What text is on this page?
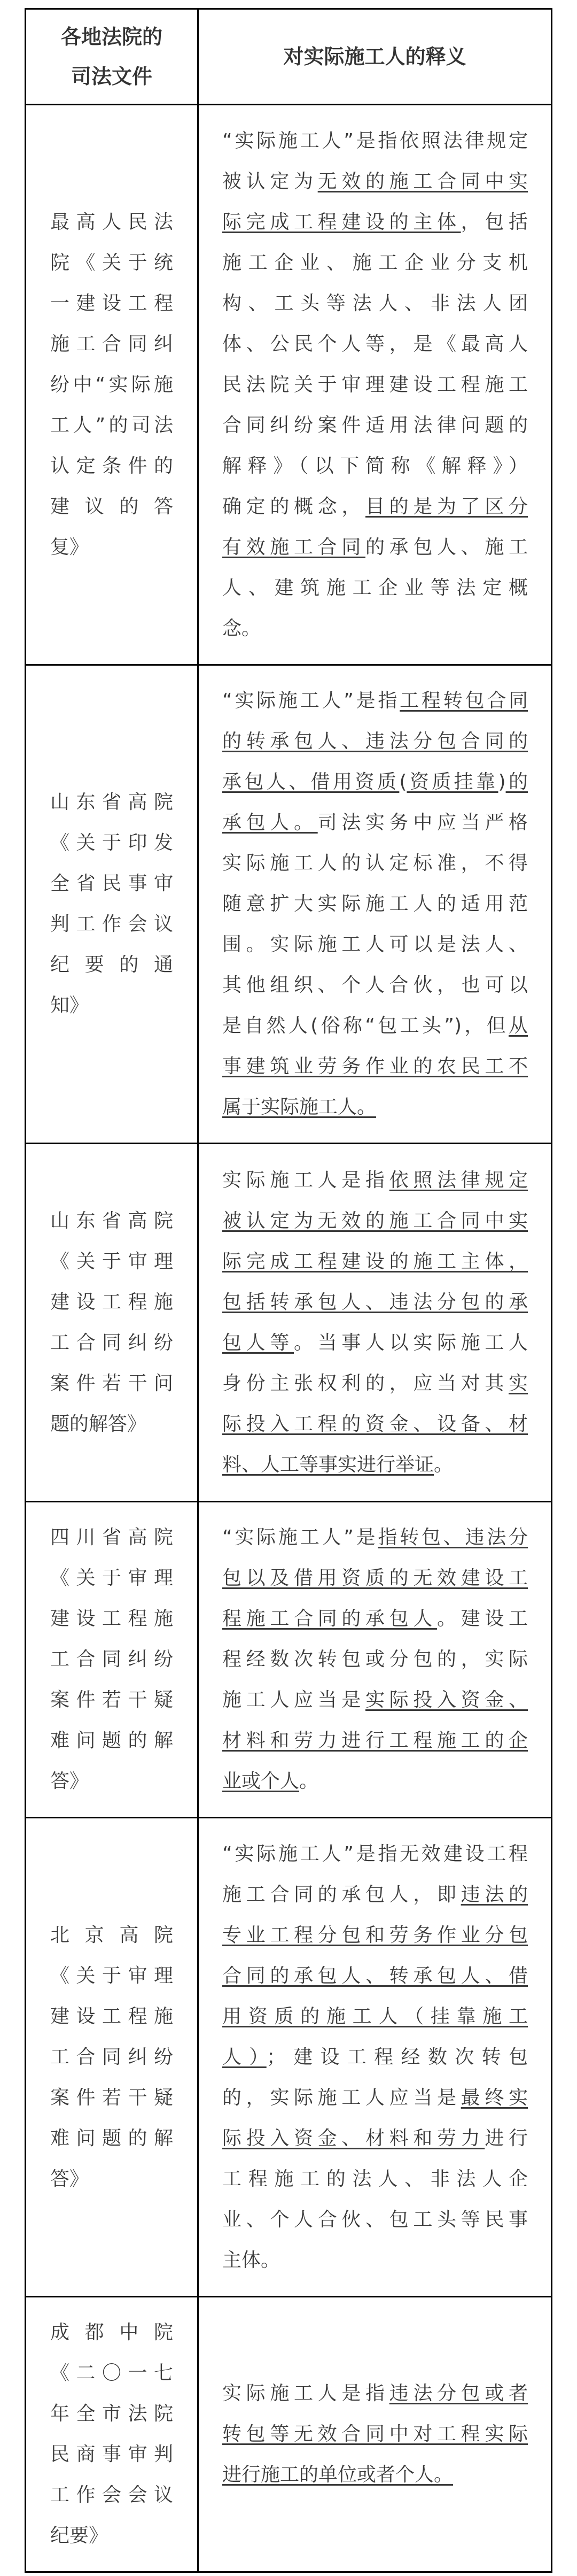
各地法院的
司法文件
对实际施工人的释义
最高人民法
院《关于统
一建设工程
施工合同纠
纷中“实际施
工人”的司法
认定条件的
建 议 的 答
复》
“实际施工人”是指依照法律规定
被认定为无效的施工合同中实
际完成工程建设的主体，包括
施工企业、施工企业分支机
构、工头等法人、非法人团
体、公民个人等，是《最高人
民法院关于审理建设工程施工
合同纠纷案件适用法律问题的
解释》（以下简称《解释》）
确定的概念，目的是为了区分
有效施工合同的承包人、施工
人、建筑施工企业等法定概
念。
山东省高院
《关于印发
全省民事审
判工作会议
纪 要 的 通
知》
“实际施工人”是指工程转包合同
的转承包人、违法分包合同的
承包人、借用资质(资质挂靠)的
承包人。司法实务中应当严格
实际施工人的认定标准，不得
随意扩大实际施工人的适用范
围。实际施工人可以是法人、
其他组织、个人合伙，也可以
是自然人(俗称“包工头”)，但从
事建筑业劳务作业的农民工不
属于实际施工人。
山东省高院
《关于审理
建设工程施
工合同纠纷
案件若干问
题的解答》
实际施工人是指依照法律规定
被认定为无效的施工合同中实
际完成工程建设的施工主体，
包括转承包人、违法分包的承
包人等。当事人以实际施工人
身份主张权利的，应当对其实
际投入工程的资金、设备、材
料、人工等事实进行举证。
四川省高院
《关于审理
建设工程施
工合同纠纷
案件若干疑
难问题的解
答》
“实际施工人”是指转包、违法分
包以及借用资质的无效建设工
程施工合同的承包人。建设工
程经数次转包或分包的，实际
施工人应当是实际投入资金、
材料和劳力进行工程施工的企
业或个人。
北 京 高 院
《关于审理
建设工程施
工合同纠纷
案件若干疑
难问题的解
答》
“实际施工人”是指无效建设工程
施工合同的承包人，即违法的
专业工程分包和劳务作业分包
合同的承包人、转承包人、借
用资质的施工人（挂靠施工
人）；建设工程经数次转包
的，实际施工人应当是最终实
际投入资金、材料和劳力进行
工程施工的法人、非法人企
业、个人合伙、包工头等民事
主体。
成 都 中 院
《二〇一七
年全市法院
民商事审判
工作会会议
纪要》
实际施工人是指违法分包或者
转包等无效合同中对工程实际
进行施工的单位或者个人。
